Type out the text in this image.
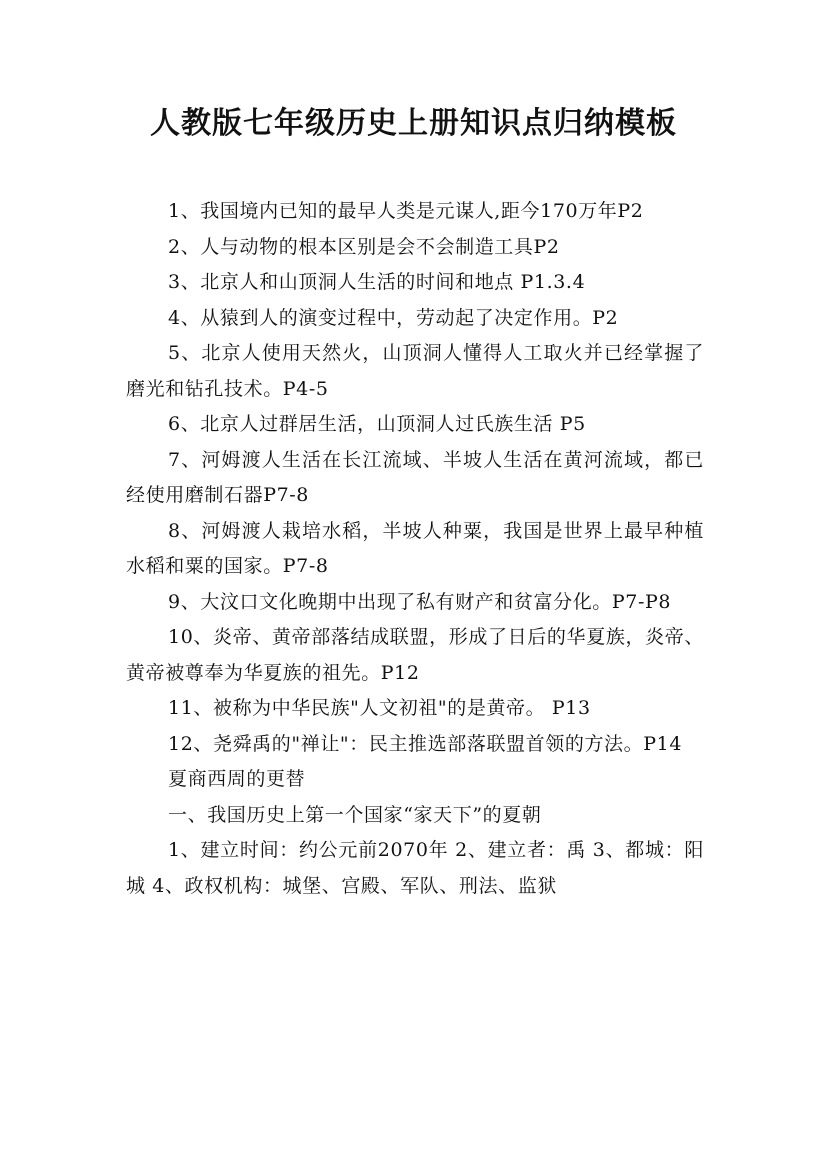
人教版七年级历史上册知识点归纳模板

1、我国境内已知的最早人类是元谋人,距今170万年P2

2、人与动物的根本区别是会不会制造工具P2

3、北京人和山顶洞人生活的时间和地点 P1.3.4

4、从猿到人的演变过程中，劳动起了决定作用。P2

5、北京人使用天然火，山顶洞人懂得人工取火并已经掌握了磨光和钻孔技术。P4-5

6、北京人过群居生活，山顶洞人过氏族生活 P5

7、河姆渡人生活在长江流域、半坡人生活在黄河流域，都已经使用磨制石器P7-8

8、河姆渡人栽培水稻，半坡人种粟，我国是世界上最早种植水稻和粟的国家。P7-8

9、大汶口文化晚期中出现了私有财产和贫富分化。P7-P8

10、炎帝、黄帝部落结成联盟，形成了日后的华夏族，炎帝、黄帝被尊奉为华夏族的祖先。P12

11、被称为中华民族"人文初祖"的是黄帝。 P13

12、尧舜禹的"禅让"：民主推选部落联盟首领的方法。P14

夏商西周的更替

一、我国历史上第一个国家“家天下”的夏朝

1、建立时间：约公元前2070年 2、建立者：禹 3、都城：阳城 4、政权机构：城堡、宫殿、军队、刑法、监狱
